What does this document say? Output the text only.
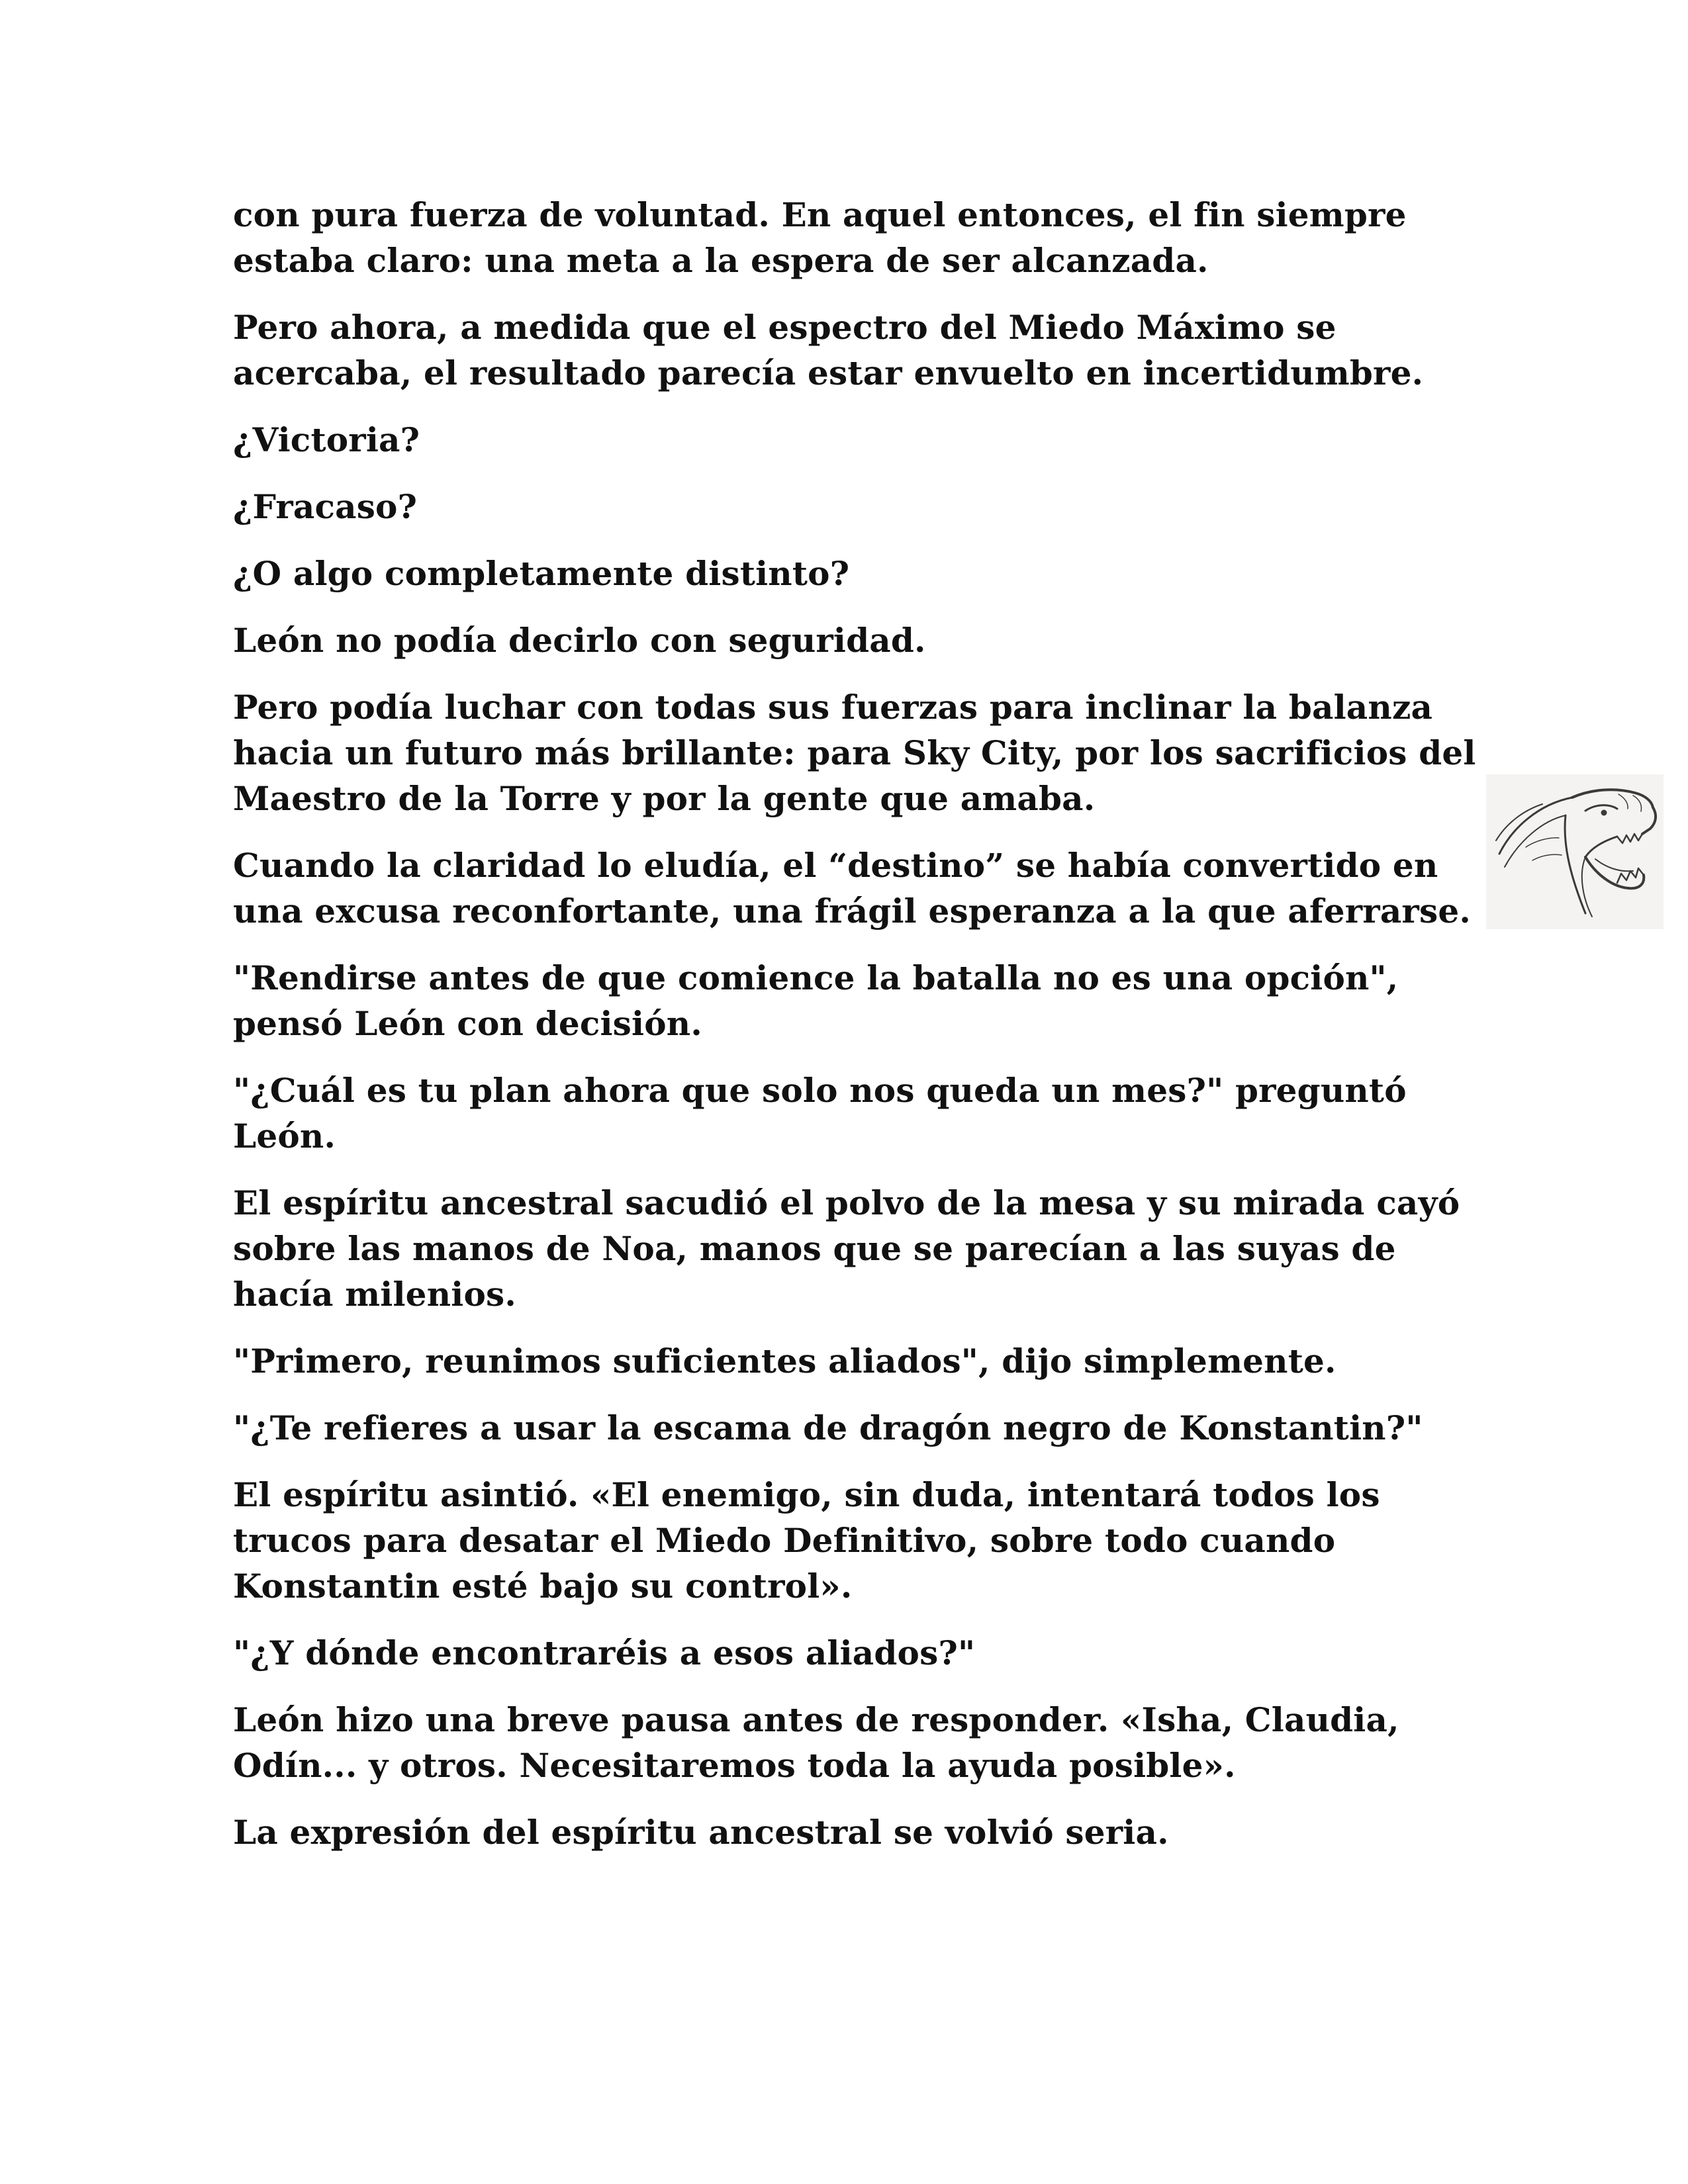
con pura fuerza de voluntad. En aquel entonces, el fin siempre estaba claro: una meta a la espera de ser alcanzada.

Pero ahora, a medida que el espectro del Miedo Máximo se acercaba, el resultado parecía estar envuelto en incertidumbre.

¿Victoria?

¿Fracaso?

¿O algo completamente distinto?

León no podía decirlo con seguridad.

Pero podía luchar con todas sus fuerzas para inclinar la balanza hacia un futuro más brillante: para Sky City, por los sacrificios del Maestro de la Torre y por la gente que amaba.

Cuando la claridad lo eludía, el “destino” se había convertido en una excusa reconfortante, una frágil esperanza a la que aferrarse.

"Rendirse antes de que comience la batalla no es una opción", pensó León con decisión.

"¿Cuál es tu plan ahora que solo nos queda un mes?" preguntó León.

El espíritu ancestral sacudió el polvo de la mesa y su mirada cayó sobre las manos de Noa, manos que se parecían a las suyas de hacía milenios.

"Primero, reunimos suficientes aliados", dijo simplemente.

"¿Te refieres a usar la escama de dragón negro de Konstantin?"

El espíritu asintió. «El enemigo, sin duda, intentará todos los trucos para desatar el Miedo Definitivo, sobre todo cuando Konstantin esté bajo su control».

"¿Y dónde encontraréis a esos aliados?"

León hizo una breve pausa antes de responder. «Isha, Claudia, Odín... y otros. Necesitaremos toda la ayuda posible».

La expresión del espíritu ancestral se volvió seria.
